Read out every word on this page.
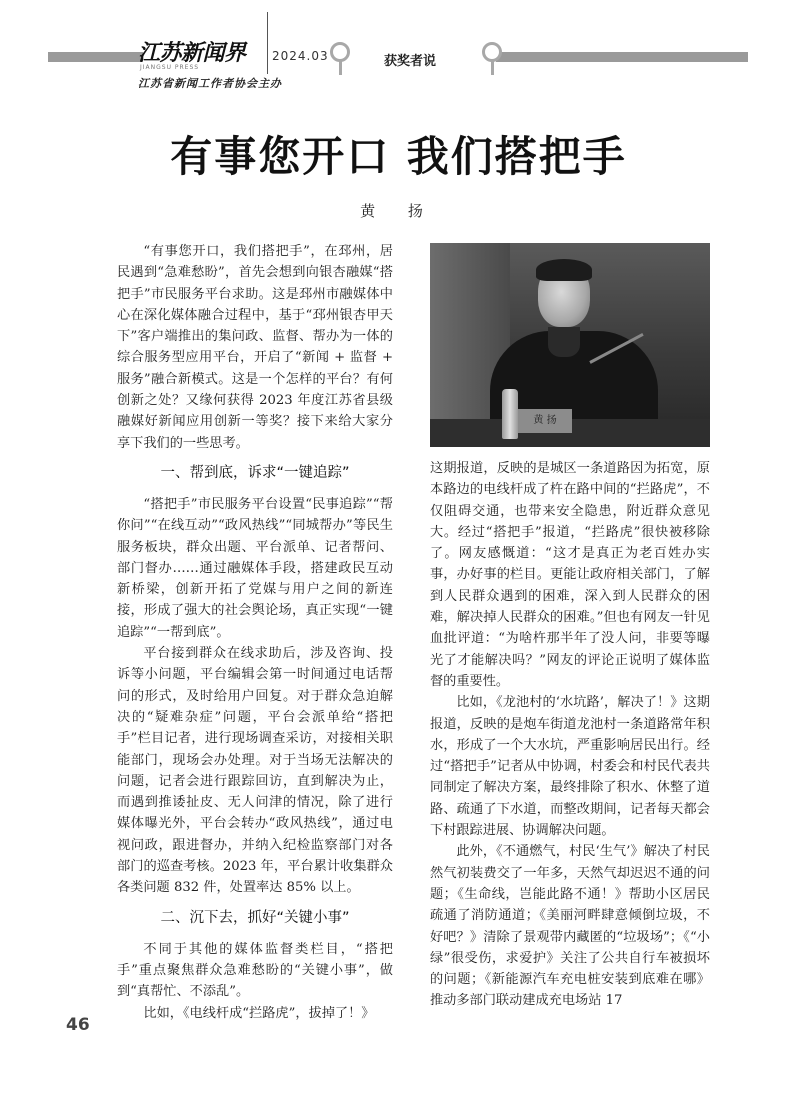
江苏新闻界
JIANGSU PRESS
2024.03
江苏省新闻工作者协会主办
获奖者说
有事您开口 我们搭把手
黄 扬

“有事您开口，我们搭把手”，在邳州，居民遇到“急难愁盼”，首先会想到向银杏融媒“搭把手”市民服务平台求助。这是邳州市融媒体中心在深化媒体融合过程中，基于“邳州银杏甲天下”客户端推出的集问政、监督、帮办为一体的综合服务型应用平台，开启了“新闻 + 监督 + 服务”融合新模式。这是一个怎样的平台？有何创新之处？又缘何获得 2023 年度江苏省县级融媒好新闻应用创新一等奖？接下来给大家分享下我们的一些思考。

一、帮到底，诉求“一键追踪”

“搭把手”市民服务平台设置“民事追踪”“帮你问”“在线互动”“政风热线”“同城帮办”等民生服务板块，群众出题、平台派单、记者帮问、部门督办……通过融媒体手段，搭建政民互动新桥梁，创新开拓了党媒与用户之间的新连接，形成了强大的社会舆论场，真正实现“一键追踪”“一帮到底”。

平台接到群众在线求助后，涉及咨询、投诉等小问题，平台编辑会第一时间通过电话帮问的形式，及时给用户回复。对于群众急迫解决的“疑难杂症”问题，平台会派单给“搭把手”栏目记者，进行现场调查采访，对接相关职能部门，现场会办处理。对于当场无法解决的问题，记者会进行跟踪回访，直到解决为止，而遇到推诿扯皮、无人问津的情况，除了进行媒体曝光外，平台会转办“政风热线”，通过电视问政，跟进督办，并纳入纪检监察部门对各部门的巡查考核。2023 年，平台累计收集群众各类问题 832 件，处置率达 85% 以上。

二、沉下去，抓好“关键小事”

不同于其他的媒体监督类栏目，“搭把手”重点聚焦群众急难愁盼的“关键小事”，做到“真帮忙、不添乱”。

比如，《电线杆成“拦路虎”，拔掉了！》

黄 扬

这期报道，反映的是城区一条道路因为拓宽，原本路边的电线杆成了杵在路中间的“拦路虎”，不仅阻碍交通，也带来安全隐患，附近群众意见大。经过“搭把手”报道，“拦路虎”很快被移除了。网友感慨道：“这才是真正为老百姓办实事，办好事的栏目。更能让政府相关部门，了解到人民群众遇到的困难，深入到人民群众的困难，解决掉人民群众的困难。”但也有网友一针见血批评道：“为啥杵那半年了没人问，非要等曝光了才能解决吗？”网友的评论正说明了媒体监督的重要性。

比如，《龙池村的‘水坑路’，解决了！》这期报道，反映的是炮车街道龙池村一条道路常年积水，形成了一个大水坑，严重影响居民出行。经过“搭把手”记者从中协调，村委会和村民代表共同制定了解决方案，最终排除了积水、休整了道路、疏通了下水道，而整改期间，记者每天都会下村跟踪进展、协调解决问题。

此外，《不通燃气，村民‘生气’》解决了村民然气初装费交了一年多，天然气却迟迟不通的问题；《生命线，岂能此路不通！》帮助小区居民疏通了消防通道；《美丽河畔肆意倾倒垃圾，不好吧？》清除了景观带内藏匿的“垃圾场”；《“小绿”很受伤，求爱护》关注了公共自行车被损坏的问题；《新能源汽车充电桩安装到底难在哪》推动多部门联动建成充电场站 17

46
